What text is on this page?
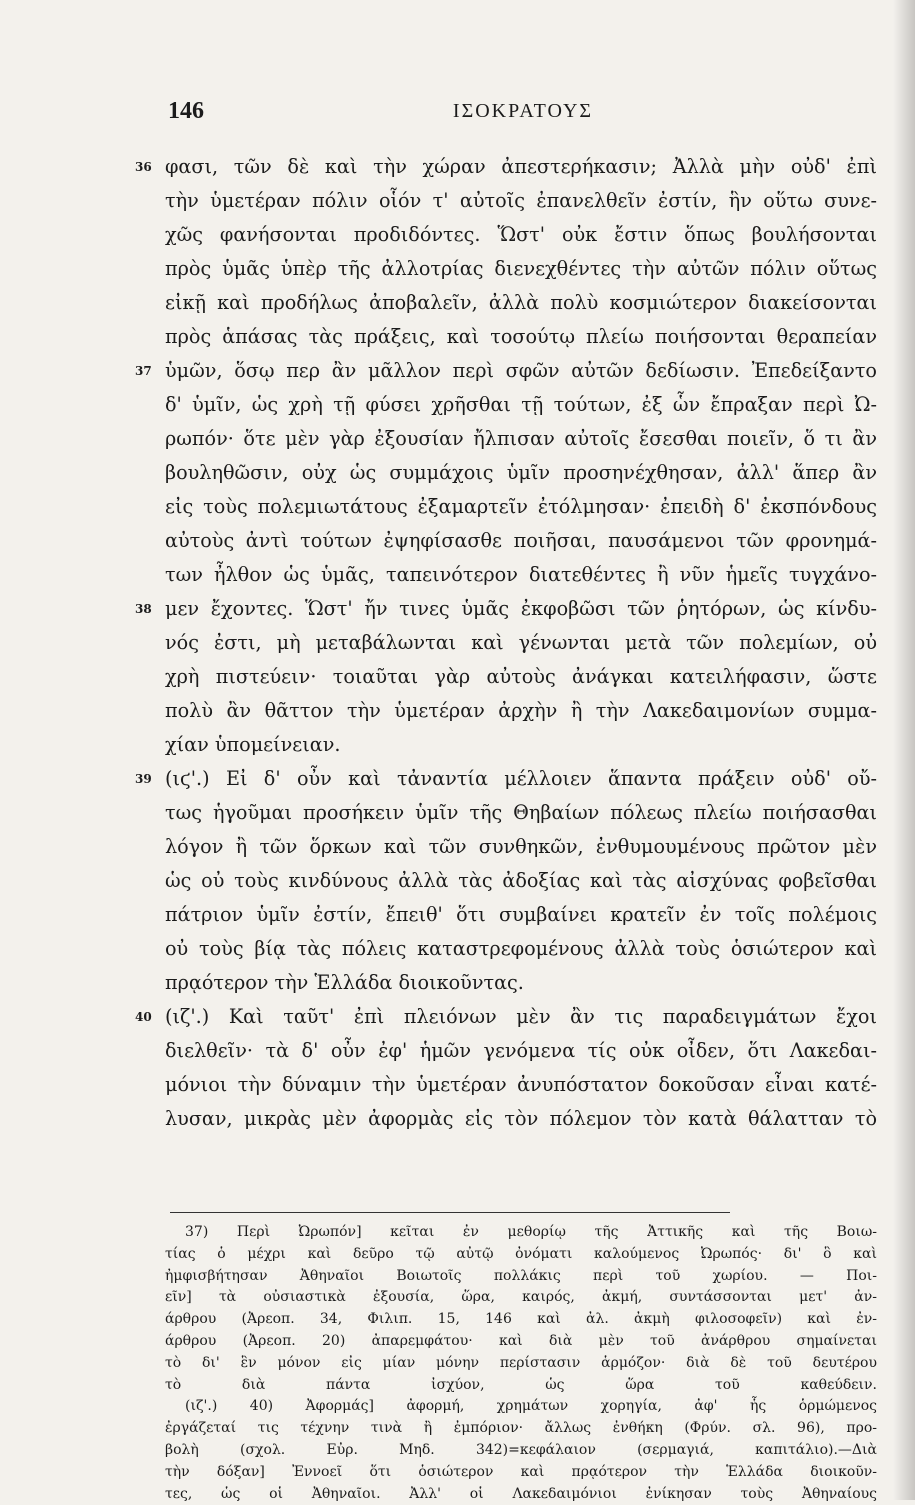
146	ΙΣΟΚΡΑΤΟΥΣ
36 φασι, τῶν δὲ καὶ τὴν χώραν ἀπεστερήκασιν; Ἀλλὰ μὴν οὐδ' ἐπὶ
τὴν ὑμετέραν πόλιν οἷόν τ' αὐτοῖς ἐπανελθεῖν ἐστίν, ἣν οὕτω συνε-
χῶς φανήσονται προδιδόντες. Ὥστ' οὐκ ἔστιν ὅπως βουλήσονται
πρὸς ὑμᾶς ὑπὲρ τῆς ἀλλοτρίας διενεχθέντες τὴν αὐτῶν πόλιν οὕτως
εἰκῇ καὶ προδήλως ἀποβαλεῖν, ἀλλὰ πολὺ κοσμιώτερον διακείσονται
πρὸς ἁπάσας τὰς πράξεις, καὶ τοσούτῳ πλείω ποιήσονται θεραπείαν
37 ὑμῶν, ὅσῳ περ ἂν μᾶλλον περὶ σφῶν αὐτῶν δεδίωσιν. Ἐπεδείξαντο
δ' ὑμῖν, ὡς χρὴ τῇ φύσει χρῆσθαι τῇ τούτων, ἐξ ὧν ἔπραξαν περὶ Ὠ-
ρωπόν· ὅτε μὲν γὰρ ἐξουσίαν ἤλπισαν αὐτοῖς ἔσεσθαι ποιεῖν, ὅ τι ἂν
βουληθῶσιν, οὐχ ὡς συμμάχοις ὑμῖν προσηνέχθησαν, ἀλλ' ἅπερ ἂν
εἰς τοὺς πολεμιωτάτους ἐξαμαρτεῖν ἐτόλμησαν· ἐπειδὴ δ' ἐκσπόνδους
αὐτοὺς ἀντὶ τούτων ἐψηφίσασθε ποιῆσαι, παυσάμενοι τῶν φρονημά-
των ἦλθον ὡς ὑμᾶς, ταπεινότερον διατεθέντες ἢ νῦν ἡμεῖς τυγχάνο-
38 μεν ἔχοντες. Ὥστ' ἤν τινες ὑμᾶς ἐκφοβῶσι τῶν ῥητόρων, ὡς κίνδυ-
νός ἐστι, μὴ μεταβάλωνται καὶ γένωνται μετὰ τῶν πολεμίων, οὐ
χρὴ πιστεύειν· τοιαῦται γὰρ αὐτοὺς ἀνάγκαι κατειλήφασιν, ὥστε
πολὺ ἂν θᾶττον τὴν ὑμετέραν ἀρχὴν ἢ τὴν Λακεδαιμονίων συμμα-
χίαν ὑπομείνειαν.
39 (ιϛ'.) Εἰ δ' οὖν καὶ τἀναντία μέλλοιεν ἅπαντα πράξειν οὐδ' οὔ-
τως ἡγοῦμαι προσήκειν ὑμῖν τῆς Θηβαίων πόλεως πλείω ποιήσασθαι
λόγον ἢ τῶν ὅρκων καὶ τῶν συνθηκῶν, ἐνθυμουμένους πρῶτον μὲν
ὡς οὐ τοὺς κινδύνους ἀλλὰ τὰς ἀδοξίας καὶ τὰς αἰσχύνας φοβεῖσθαι
πάτριον ὑμῖν ἐστίν, ἔπειθ' ὅτι συμβαίνει κρατεῖν ἐν τοῖς πολέμοις
οὐ τοὺς βίᾳ τὰς πόλεις καταστρεφομένους ἀλλὰ τοὺς ὁσιώτερον καὶ
πρᾳότερον τὴν Ἑλλάδα διοικοῦντας.
40 (ιζ'.) Καὶ ταῦτ' ἐπὶ πλειόνων μὲν ἂν τις παραδειγμάτων ἔχοι
διελθεῖν· τὰ δ' οὖν ἐφ' ἡμῶν γενόμενα τίς οὐκ οἶδεν, ὅτι Λακεδαι-
μόνιοι τὴν δύναμιν τὴν ὑμετέραν ἀνυπόστατον δοκοῦσαν εἶναι κατέ-
λυσαν, μικρὰς μὲν ἀφορμὰς εἰς τὸν πόλεμον τὸν κατὰ θάλατταν τὸ
37) Περὶ Ὠρωπόν] κεῖται ἐν μεθορίῳ τῆς Ἀττικῆς καὶ τῆς Βοιω-
τίας ὁ μέχρι καὶ δεῦρο τῷ αὐτῷ ὀνόματι καλούμενος Ὠρωπός· δι' ὃ καὶ
ἠμφισβήτησαν Ἀθηναῖοι Βοιωτοῖς πολλάκις περὶ τοῦ χωρίου. — Ποι-
εῖν] τὰ οὐσιαστικὰ ἐξουσία, ὥρα, καιρός, ἀκμή, συντάσσονται μετ' ἀν-
άρθρου (Ἀρεοπ. 34, Φιλιπ. 15, 146 καὶ ἀλ. ἀκμὴ φιλοσοφεῖν) καὶ ἐν-
άρθρου (Ἀρεοπ. 20) ἀπαρεμφάτου· καὶ διὰ μὲν τοῦ ἀνάρθρου σημαίνεται
τὸ δι' ἓν μόνον εἰς μίαν μόνην περίστασιν ἁρμόζον· διὰ δὲ τοῦ δευτέρου
τὸ διὰ πάντα ἰσχύον, ὡς ὥρα τοῦ καθεύδειν.
(ιζ'.) 40) Ἀφορμάς] ἀφορμή, χρημάτων χορηγία, ἀφ' ἧς ὁρμώμενος
ἐργάζεταί τις τέχνην τινὰ ἢ ἐμπόριον· ἄλλως ἐνθήκη (Φρύν. σλ. 96), προ-
βολὴ (σχολ. Εὐρ. Μηδ. 342)=κεφάλαιον (σερμαγιά, καπιτάλιο).—Διὰ
τὴν δόξαν] Ἐννοεῖ ὅτι ὁσιώτερον καὶ πρᾳότερον τὴν Ἑλλάδα διοικοῦν-
τες, ὡς οἱ Ἀθηναῖοι. Ἀλλ' οἱ Λακεδαιμόνιοι ἐνίκησαν τοὺς Ἀθηναίους
